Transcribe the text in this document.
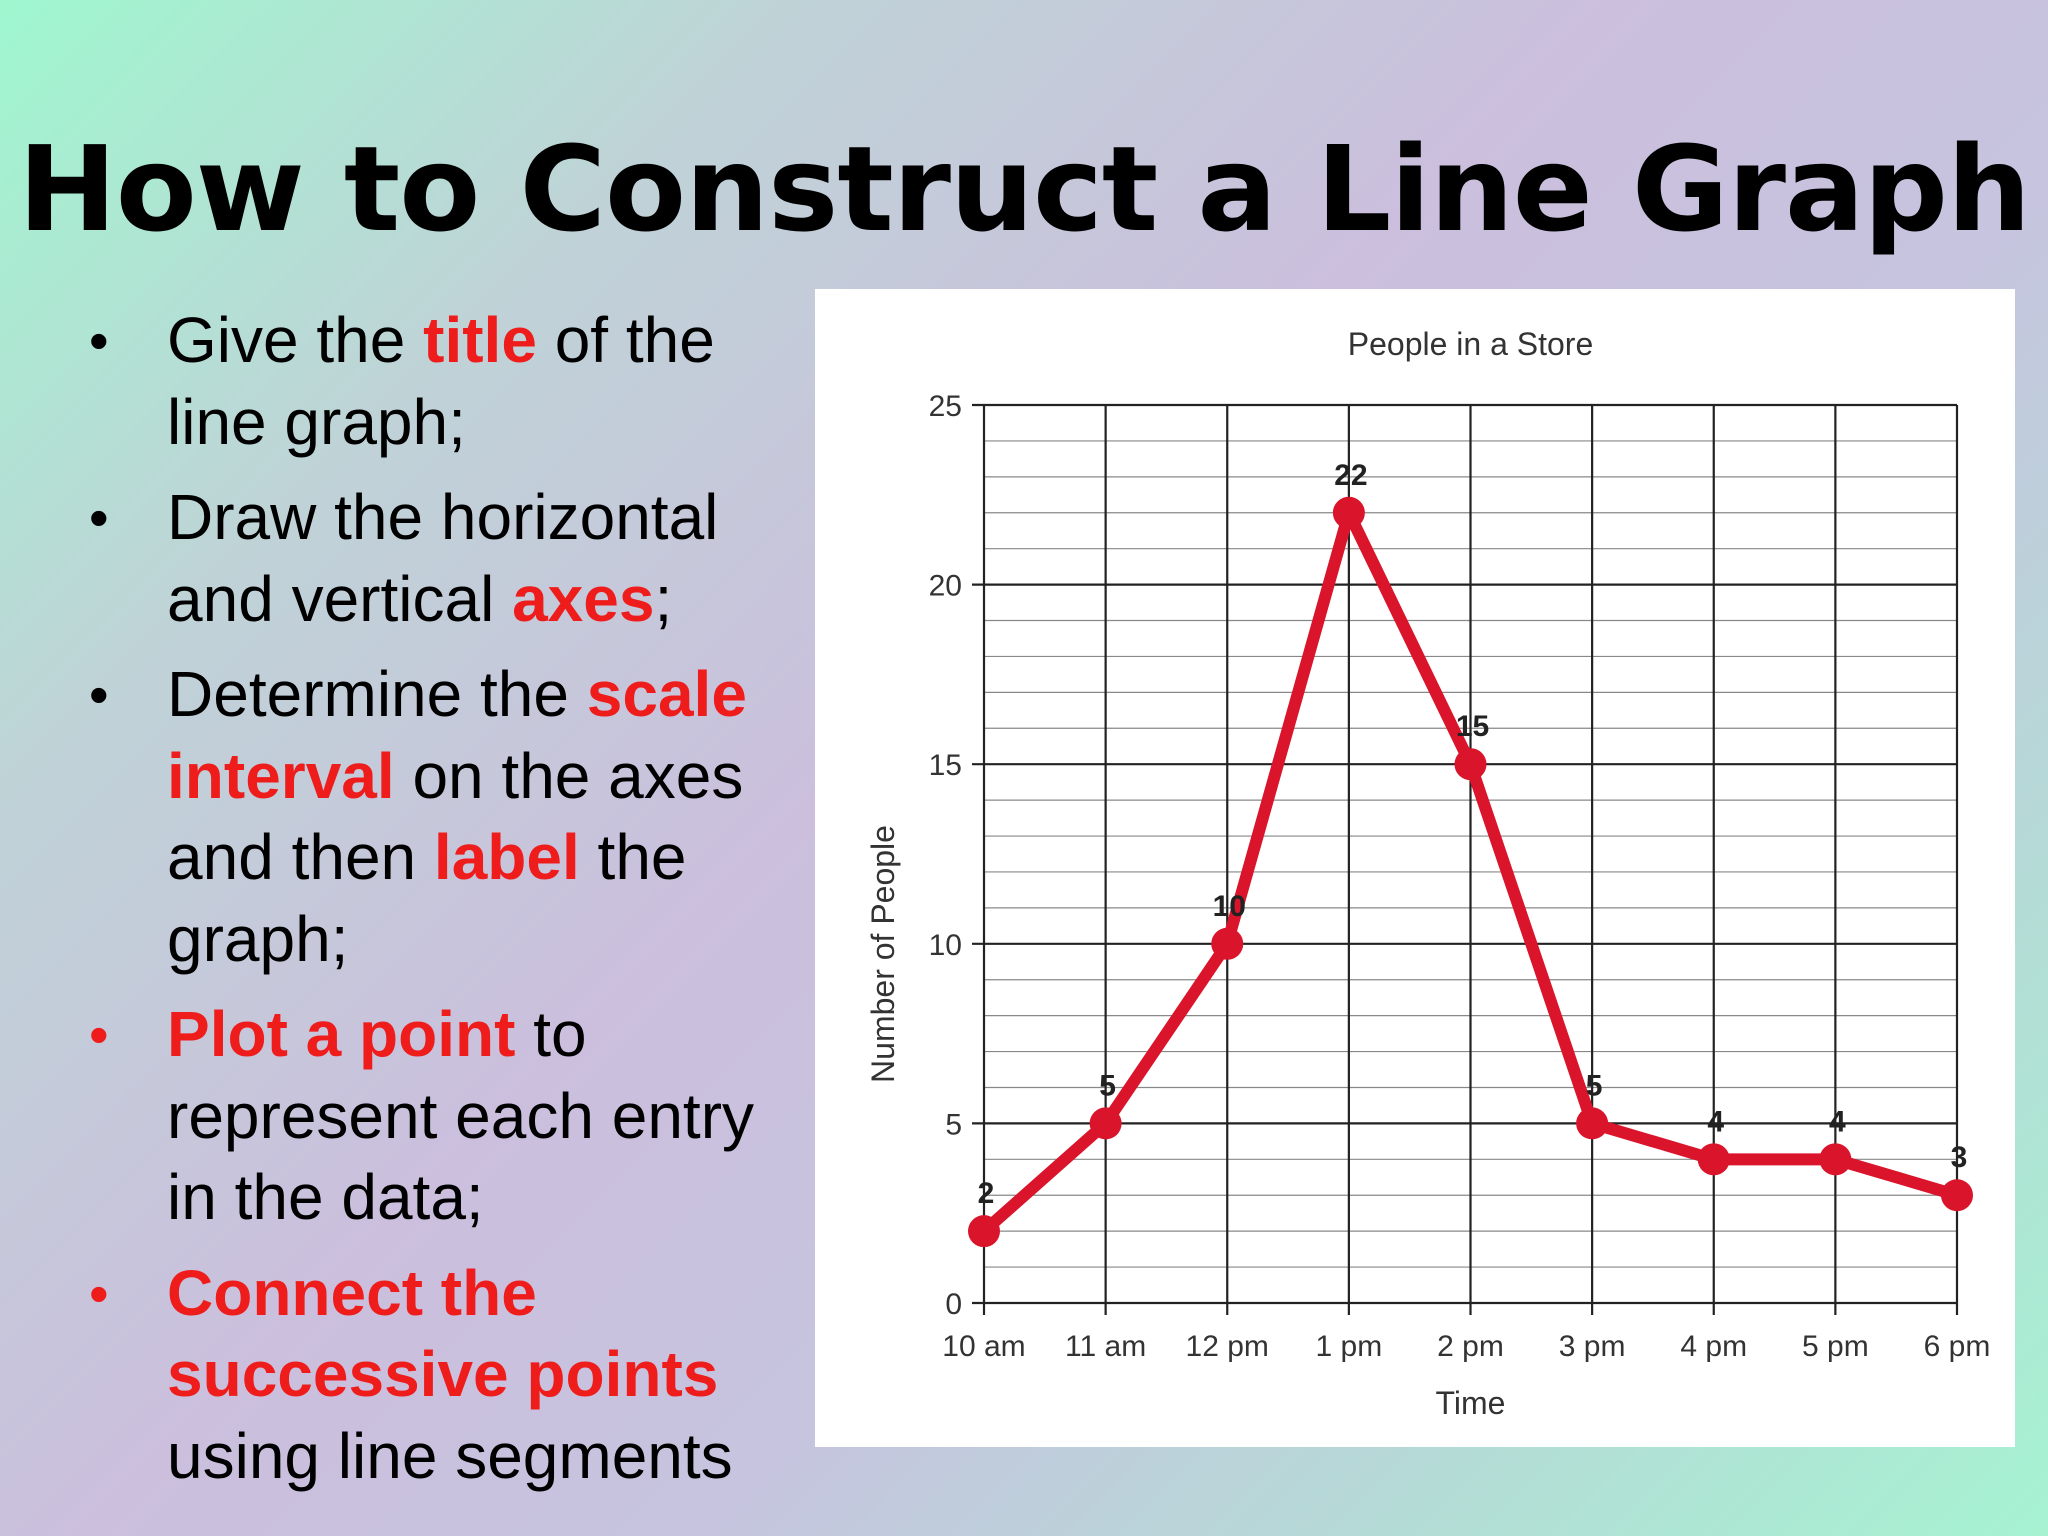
How to Construct a Line Graph
• Give the title of the line graph;
• Draw the horizontal and vertical axes;
• Determine the scale interval on the axes and then label the graph;
• Plot a point to represent each entry in the data;
• Connect the successive points using line segments
0
5
10
15
20
25
10 am 11 am 12 pm 1 pm 2 pm 3 pm 4 pm 5 pm 6 pm
People in a Store
Time
Number of People
2
5
10
22
15
5
4	4
3
